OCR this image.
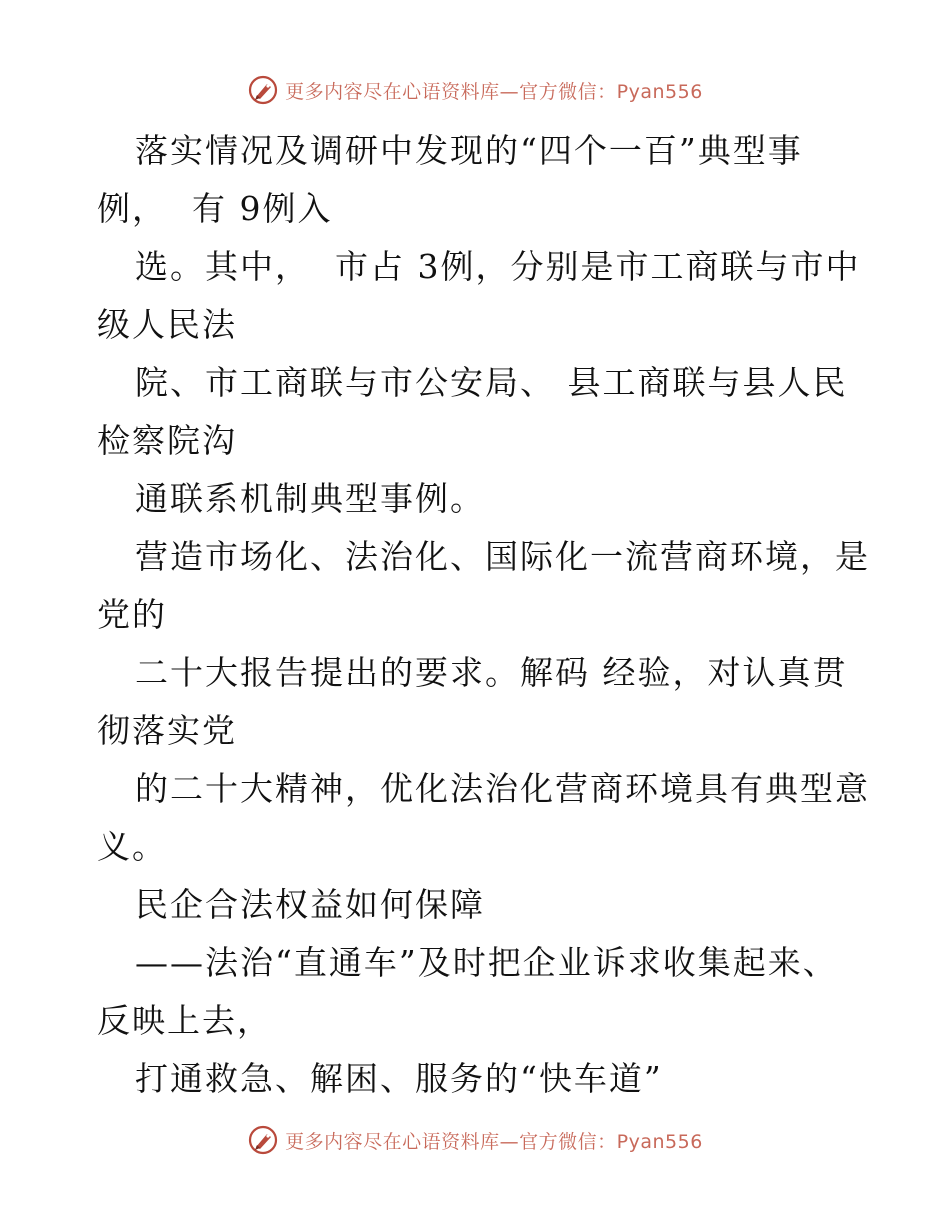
更多内容尽在心语资料库—官方微信：Pyan556
落实情况及调研中发现的“四个一百”典型事
例，  有 9例入
选。其中，  市占 3例，分别是市工商联与市中
级人民法
院、市工商联与市公安局、 县工商联与县人民
检察院沟
通联系机制典型事例。
营造市场化、法治化、国际化一流营商环境，是
党的
二十大报告提出的要求。解码 经验，对认真贯
彻落实党
的二十大精神，优化法治化营商环境具有典型意
义。
民企合法权益如何保障
——法治“直通车”及时把企业诉求收集起来、
反映上去，
打通救急、解困、服务的“快车道”
更多内容尽在心语资料库—官方微信：Pyan556
